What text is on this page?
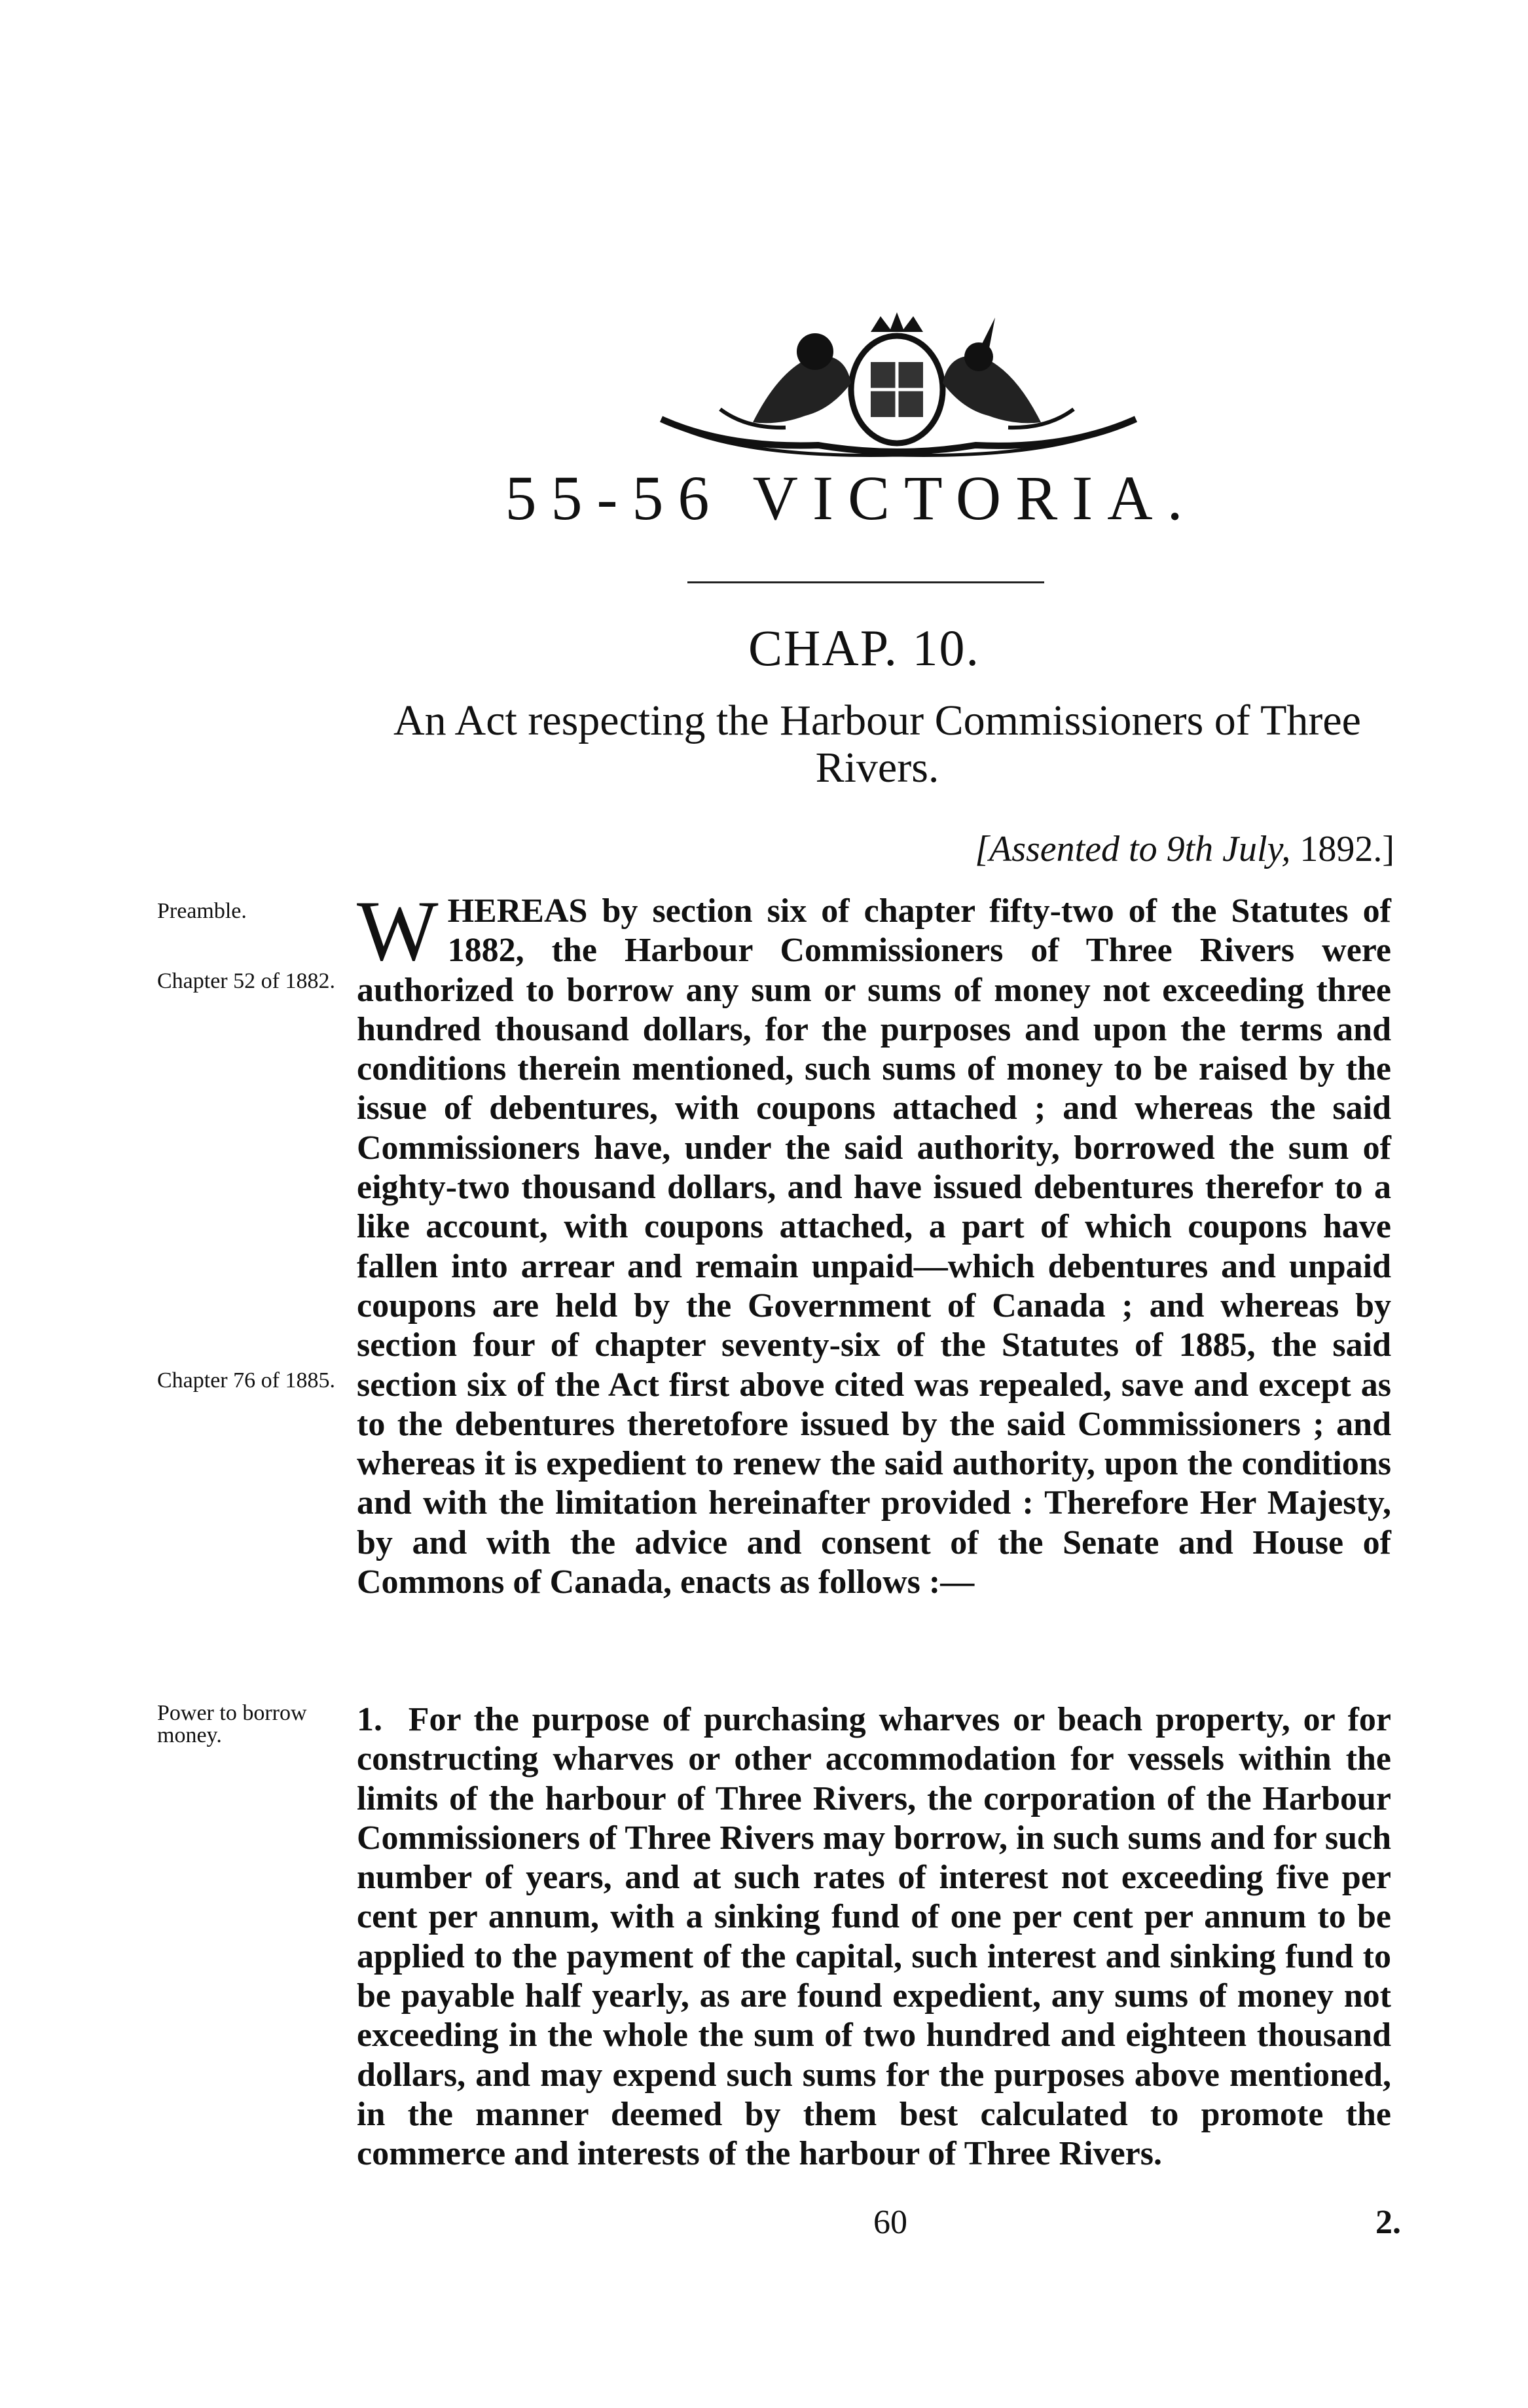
55-56 VICTORIA.
CHAP. 10.
An Act respecting the Harbour Commissioners of Three Rivers.
[Assented to 9th July, 1892.]
Preamble.
Chapter 52 of 1882.
Chapter 76 of 1885.
Power to borrow money.
WHEREAS by section six of chapter fifty-two of the Statutes of 1882, the Harbour Commissioners of Three Rivers were authorized to borrow any sum or sums of money not exceeding three hundred thousand dollars, for the purposes and upon the terms and conditions therein mentioned, such sums of money to be raised by the issue of debentures, with coupons attached ; and whereas the said Commissioners have, under the said authority, borrowed the sum of eighty-two thousand dollars, and have issued debentures therefor to a like account, with coupons attached, a part of which coupons have fallen into arrear and remain unpaid—which debentures and unpaid coupons are held by the Government of Canada ; and whereas by section four of chapter seventy-six of the Statutes of 1885, the said section six of the Act first above cited was repealed, save and except as to the debentures theretofore issued by the said Commissioners ; and whereas it is expedient to renew the said authority, upon the conditions and with the limitation hereinafter provided : Therefore Her Majesty, by and with the advice and consent of the Senate and House of Commons of Canada, enacts as follows :—
1. For the purpose of purchasing wharves or beach property, or for constructing wharves or other accommodation for vessels within the limits of the harbour of Three Rivers, the corporation of the Harbour Commissioners of Three Rivers may borrow, in such sums and for such number of years, and at such rates of interest not exceeding five per cent per annum, with a sinking fund of one per cent per annum to be applied to the payment of the capital, such interest and sinking fund to be payable half yearly, as are found expedient, any sums of money not exceeding in the whole the sum of two hundred and eighteen thousand dollars, and may expend such sums for the purposes above mentioned, in the manner deemed by them best calculated to promote the commerce and interests of the harbour of Three Rivers.
60	2.
